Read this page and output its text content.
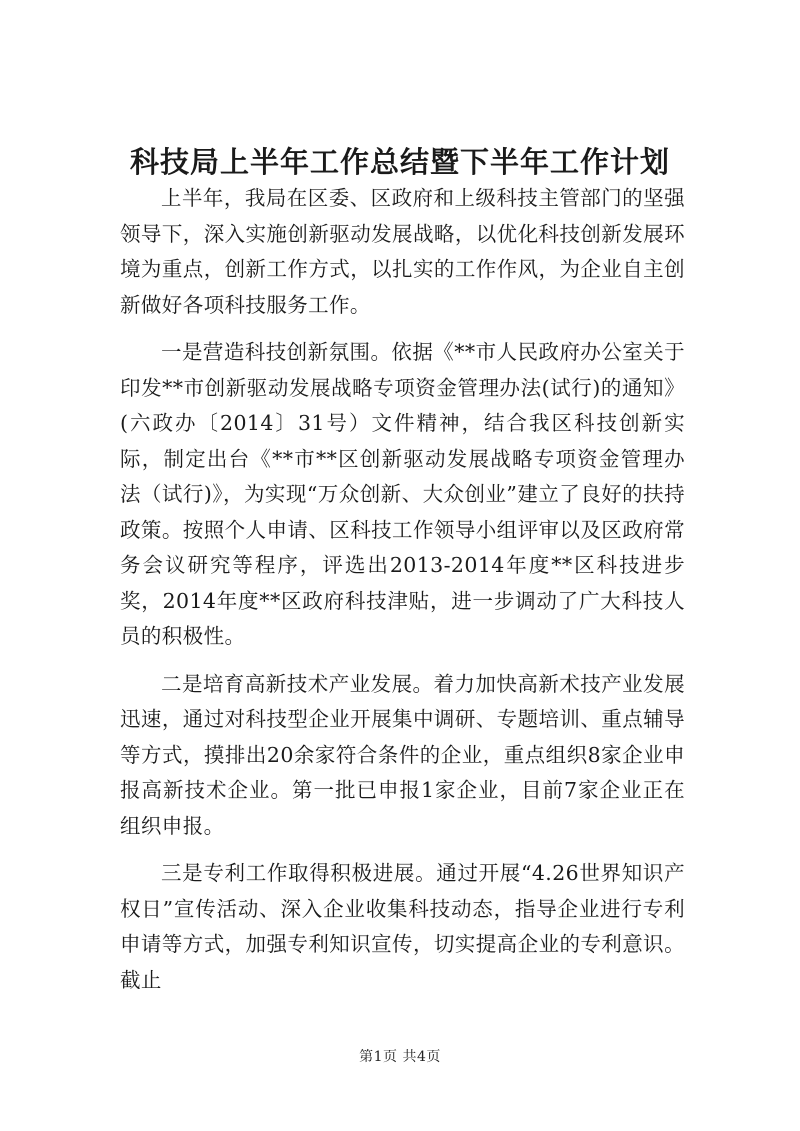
科技局上半年工作总结暨下半年工作计划

上半年，我局在区委、区政府和上级科技主管部门的坚强领导下，深入实施创新驱动发展战略，以优化科技创新发展环境为重点，创新工作方式，以扎实的工作作风，为企业自主创新做好各项科技服务工作。

一是营造科技创新氛围。依据《**市人民政府办公室关于印发**市创新驱动发展战略专项资金管理办法(试行)的通知》(六政办〔2014〕31号）文件精神，结合我区科技创新实际，制定出台《**市**区创新驱动发展战略专项资金管理办法（试行)》，为实现“万众创新、大众创业”建立了良好的扶持政策。按照个人申请、区科技工作领导小组评审以及区政府常务会议研究等程序，评选出2013-2014年度**区科技进步奖，2014年度**区政府科技津贴，进一步调动了广大科技人员的积极性。

二是培育高新技术产业发展。着力加快高新术技产业发展迅速，通过对科技型企业开展集中调研、专题培训、重点辅导等方式，摸排出20余家符合条件的企业，重点组织8家企业申报高新技术企业。第一批已申报1家企业，目前7家企业正在组织申报。

三是专利工作取得积极进展。通过开展“4.26世界知识产权日”宣传活动、深入企业收集科技动态，指导企业进行专利申请等方式，加强专利知识宣传，切实提高企业的专利意识。截止

第1页 共4页
